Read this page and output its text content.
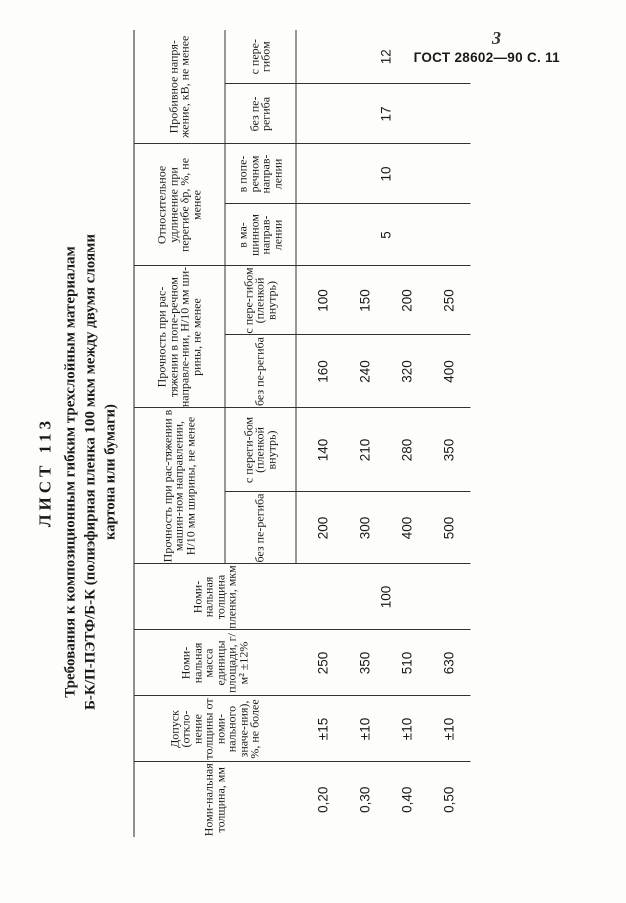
ГОСТ 28602—90 С. 11
3
ЛИСТ 113 Требования к композиционным гибким трехслойным материалам Б-К/П-ПЭТФ/Б-К (полиэфирная пленка 100 мкм между двумя слоями картона или бумаги)
Номи-нальная толщина, мм	Допуск (откло-нение толщины от номи-нального значе-ния), %, не более	Номи-нальная масса единицы площади, г/м² ±12%	Номи-нальная толщина пленки, мкм	Прочность при рас-тяжении в машин-ном направлении, Н/10 мм ширины, не менее		Прочность при рас-тяжении в попе-речном направле-нии, Н/10 мм ши-рины, не менее		Относительное удлинение при перегибе δр, %, не менее		Пробивное напря-жение, кВ, не менее	
				без пе-региба	с переги-бом (пленкой внутрь)	без пе-региба	с пере-гибом (пленкой внутрь)	в ма-шинном направ-лении	в попе-речном направ-лении	без пе-региба	с пере-гибом
0,20	±15	250	100	200	140	160	100	5	10	17	12
0,30	±10	350		300	210	240	150				
0,40	±10	510		400	280	320	200				
0,50	±10	630		500	350	400	250				
